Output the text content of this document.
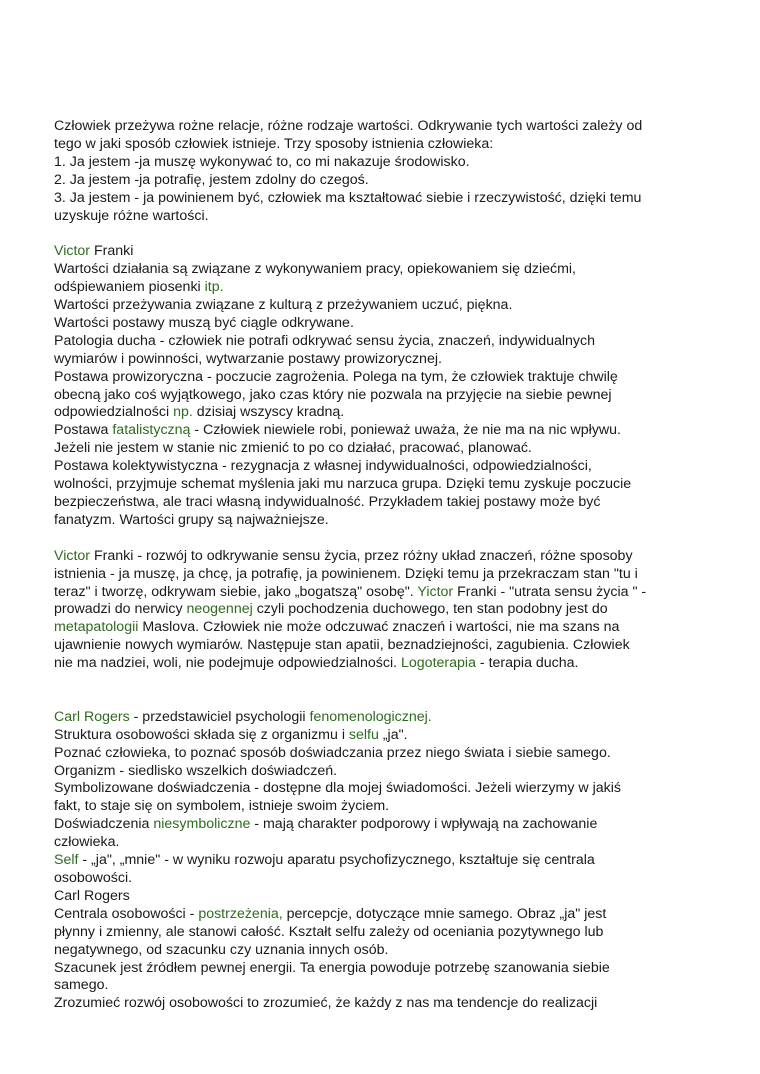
Człowiek przeżywa rożne relacje, różne rodzaje wartości. Odkrywanie tych wartości zależy od

tego w jaki sposób człowiek istnieje. Trzy sposoby istnienia człowieka:

1. Ja jestem -ja muszę wykonywać to, co mi nakazuje środowisko.

2. Ja jestem -ja potrafię, jestem zdolny do czegoś.

3. Ja jestem - ja powinienem być, człowiek ma kształtować siebie i rzeczywistość, dzięki temu

uzyskuje różne wartości.

Victor Franki

Wartości działania są związane z wykonywaniem pracy, opiekowaniem się dziećmi,

odśpiewaniem piosenki itp.

Wartości przeżywania związane z kulturą z przeżywaniem uczuć, piękna.

Wartości postawy muszą być ciągle odkrywane.

Patologia ducha - człowiek nie potrafi odkrywać sensu życia, znaczeń, indywidualnych

wymiarów i powinności, wytwarzanie postawy prowizorycznej.

Postawa prowizoryczna - poczucie zagrożenia. Polega na tym, że człowiek traktuje chwilę

obecną jako coś wyjątkowego, jako czas który nie pozwala na przyjęcie na siebie pewnej

odpowiedzialności np. dzisiaj wszyscy kradną.

Postawa fatalistyczną - Człowiek niewiele robi, ponieważ uważa, że nie ma na nic wpływu.

Jeżeli nie jestem w stanie nic zmienić to po co działać, pracować, planować.

Postawa kolektywistyczna - rezygnacja z własnej indywidualności, odpowiedzialności,

wolności, przyjmuje schemat myślenia jaki mu narzuca grupa. Dzięki temu zyskuje poczucie

bezpieczeństwa, ale traci własną indywidualność. Przykładem takiej postawy może być

fanatyzm. Wartości grupy są najważniejsze.

Victor Franki - rozwój to odkrywanie sensu życia, przez różny układ znaczeń, różne sposoby

istnienia - ja muszę, ja chcę, ja potrafię, ja powinienem. Dzięki temu ja przekraczam stan "tu i

teraz" i tworzę, odkrywam siebie, jako „bogatszą" osobę". Yictor Franki - "utrata sensu życia " -

prowadzi do nerwicy neogennej czyli pochodzenia duchowego, ten stan podobny jest do

metapatologii Maslova. Człowiek nie może odczuwać znaczeń i wartości, nie ma szans na

ujawnienie nowych wymiarów. Następuje stan apatii, beznadziejności, zagubienia. Człowiek

nie ma nadziei, woli, nie podejmuje odpowiedzialności. Logoterapia - terapia ducha.

Carl Rogers - przedstawiciel psychologii fenomenologicznej.

Struktura osobowości składa się z organizmu i selfu „ja".

Poznać człowieka, to poznać sposób doświadczania przez niego świata i siebie samego.

Organizm - siedlisko wszelkich doświadczeń.

Symbolizowane doświadczenia - dostępne dla mojej świadomości. Jeżeli wierzymy w jakiś

fakt, to staje się on symbolem, istnieje swoim życiem.

Doświadczenia niesymboliczne - mają charakter podporowy i wpływają na zachowanie

człowieka.

Self - „ja", „mnie" - w wyniku rozwoju aparatu psychofizycznego, kształtuje się centrala

osobowości.

Carl Rogers

Centrala osobowości - postrzeżenia, percepcje, dotyczące mnie samego. Obraz „ja" jest

płynny i zmienny, ale stanowi całość. Kształt selfu zależy od oceniania pozytywnego lub

negatywnego, od szacunku czy uznania innych osób.

Szacunek jest źródłem pewnej energii. Ta energia powoduje potrzebę szanowania siebie

samego.

Zrozumieć rozwój osobowości to zrozumieć, że każdy z nas ma tendencje do realizacji
